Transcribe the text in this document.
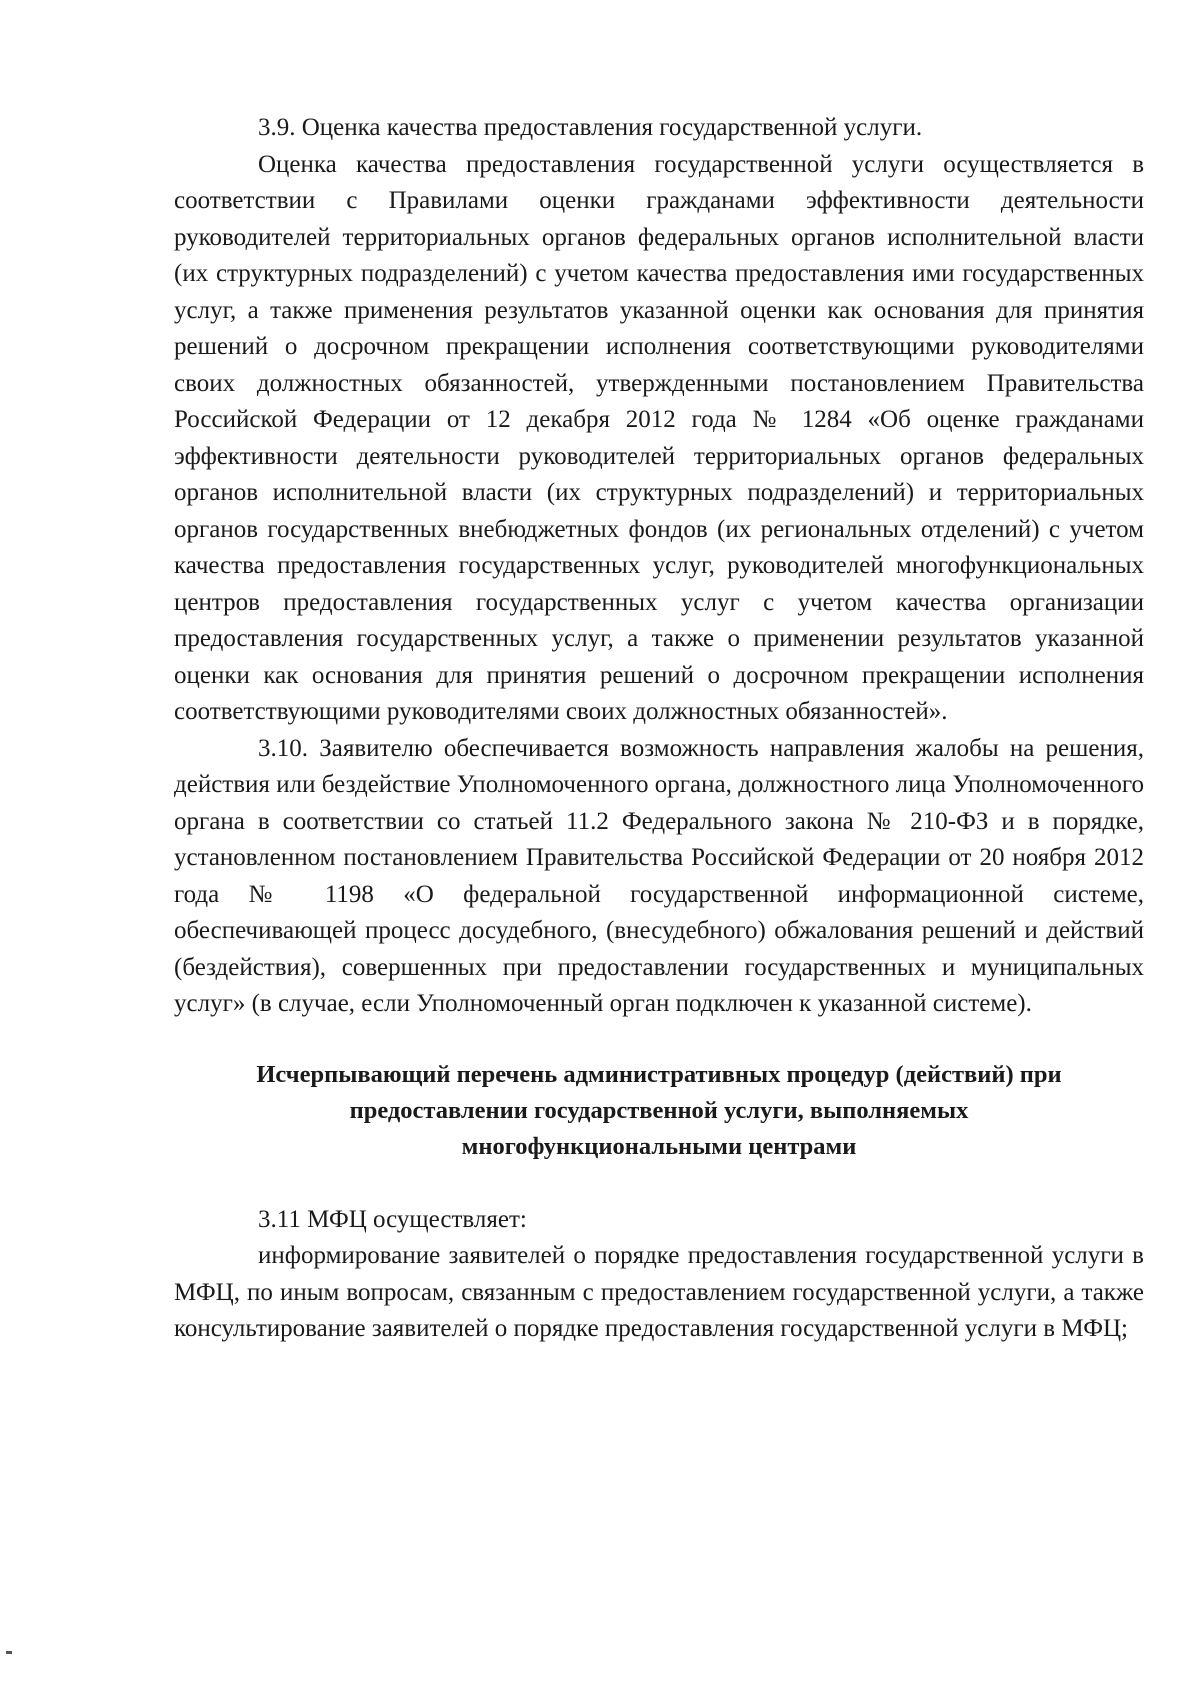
3.9. Оценка качества предоставления государственной услуги.

Оценка качества предоставления государственной услуги осуществляется в соответствии с Правилами оценки гражданами эффективности деятельности руководителей территориальных органов федеральных органов исполнительной власти (их структурных подразделений) с учетом качества предоставления ими государственных услуг, а также применения результатов указанной оценки как основания для принятия решений о досрочном прекращении исполнения соответствующими руководителями своих должностных обязанностей, утвержденными постановлением Правительства Российской Федерации от 12 декабря 2012 года № 1284 «Об оценке гражданами эффективности деятельности руководителей территориальных органов федеральных органов исполнительной власти (их структурных подразделений) и территориальных органов государственных внебюджетных фондов (их региональных отделений) с учетом качества предоставления государственных услуг, руководителей многофункциональных центров предоставления государственных услуг с учетом качества организации предоставления государственных услуг, а также о применении результатов указанной оценки как основания для принятия решений о досрочном прекращении исполнения соответствующими руководителями своих должностных обязанностей».

3.10. Заявителю обеспечивается возможность направления жалобы на решения, действия или бездействие Уполномоченного органа, должностного лица Уполномоченного органа в соответствии со статьей 11.2 Федерального закона № 210-ФЗ и в порядке, установленном постановлением Правительства Российской Федерации от 20 ноября 2012 года № 1198 «О федеральной государственной информационной системе, обеспечивающей процесс досудебного, (внесудебного) обжалования решений и действий (бездействия), совершенных при предоставлении государственных и муниципальных услуг» (в случае, если Уполномоченный орган подключен к указанной системе).

Исчерпывающий перечень административных процедур (действий) при

предоставлении государственной услуги, выполняемых

многофункциональными центрами

3.11 МФЦ осуществляет:

информирование заявителей о порядке предоставления государственной услуги в МФЦ, по иным вопросам, связанным с предоставлением государственной услуги, а также консультирование заявителей о порядке предоставления государственной услуги в МФЦ;
